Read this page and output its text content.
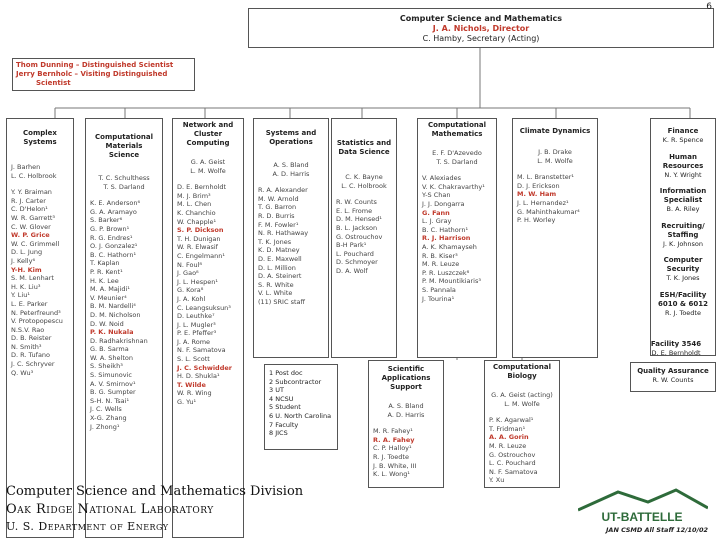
Computer Science and Mathematics
J. A. Nichols, Director
C. Hamby, Secretary (Acting)
6
Thom Dunning – Distinguished Scientist
Jerry Bernholc – Visiting Distinguished
Scientist
Complex Systems
J. Barhen
L. C. Holbrook
Y. Y. Braiman
R. J. Carter
C. D'Helon¹
W. R. Garrett³
C. W. Glover
W. P. Grice
W. C. Grimmell
D. L. Jung
J. Kelly⁶
Y-H. Kim
S. M. Lenhart
H. K. Liu³
Y. Liu¹
L. E. Parker
N. Peterfreund³
V. Protopopescu
N.S.V. Rao
D. B. Reister
N. Smith³
D. R. Tufano
J. C. Schryver
Q. Wu³
Computational Materials Science
T. C. Schulthess
T. S. Darland
K. E. Anderson⁶
G. A. Aramayo
S. Barker⁶
G. P. Brown¹
R. G. Endres¹
O. J. Gonzalez¹
B. C. Hathorn¹
T. Kaplan
P. R. Kent¹
H. K. Lee
M. A. Majidi¹
V. Meunier⁴
B. M. Nardelli⁴
D. M. Nicholson
D. W. Noid
P. K. Nukala
D. Radhakrishnan
G. B. Sarma
W. A. Shelton
S. Sheikh³
S. Simunovic
A. V. Smirnov¹
B. G. Sumpter
S-H. N. Tsai¹
J. C. Wells
X-G. Zhang
J. Zhong¹
Network and Cluster Computing
G. A. Geist
L. M. Wolfe
D. E. Bernholdt
M. J. Brim³
M. L. Chen
K. Chanchio
W. Chapple¹
S. P. Dickson
T. H. Dunigan
W. R. Elwasif
C. Engelmann¹
N. Foul⁸
J. Gao⁸
J. L. Hespen¹
G. Kora⁸
J. A. Kohl
C. Leangsuksun³
D. Leuthke⁷
J. L. Mugler³
P. E. Pfeffer³
J. A. Rome
N. F. Samatova
S. L. Scott
J. C. Schwidder
H. D. Shukla¹
T. Wilde
W. R. Wing
G. Yu¹
Systems and Operations
A. S. Bland
A. D. Harris
R. A. Alexander
M. W. Arnold
T. G. Barron
R. D. Burris
F. M. Fowler¹
N. R. Hathaway
T. K. Jones
K. D. Matney
D. E. Maxwell
D. L. Million
D. A. Steinert
S. R. White
V. L. White
(11) SRIC staff
Statistics and Data Science
C. K. Bayne
L. C. Holbrook
R. W. Counts
E. L. Frome
D. M. Hensed¹
B. L. Jackson
G. Ostrouchov
B-H Park¹
L. Pouchard
D. Schmoyer
D. A. Wolf
Computational Mathematics
E. F. D'Azevedo
T. S. Darland
V. Alexiades
V. K. Chakravarthy¹
Y-S Chan
J. J. Dongarra
G. Fann
L. J. Gray
B. C. Hathorn¹
R. J. Harrison
A. K. Khamayseh
R. B. Kiser³
M. R. Leuze
P. R. Luszczek⁸
P. M. Mountikiaris³
S. Pannala
J. Tourina¹
Climate Dynamics
J. B. Drake
L. M. Wolfe
M. L. Branstetter¹
D. J. Erickson
M. W. Ham
J. L. Hernandez¹
G. Mahinthakumar⁴
P. H. Worley
Finance
K. R. Spence
Human Resources
N. Y. Wright
Information Specialist
B. A. Riley
Recruiting/ Staffing
J. K. Johnson
Computer Security
T. K. Jones
ESH/Facility 6010 & 6012
R. J. Toedte
Facility 3546
D. E. Bernholdt
Quality Assurance
R. W. Counts
1 Post doc
2 Subcontractor
3 UT
4 NCSU
5 Student
6 U. North Carolina
7 Faculty
8 JICS
Scientific Applications Support
A. S. Bland
A. D. Harris
M. R. Fahey¹
R. A. Fahey
C. P. Halloy¹
R. J. Toedte
J. B. White, III
K. L. Wong¹
Computational Biology
G. A. Geist (acting)
L. M. Wolfe
P. K. Agarwal¹
T. Fridman¹
A. A. Gorin
M. R. Leuze
G. Ostrouchov
L. C. Pouchard
N. F. Samatova
Y. Xu
Computer Science and Mathematics Division
Oak Ridge National Laboratory
U. S. Department of Energy
UT-BATTELLE
JAN CSMD All Staff 12/10/02
